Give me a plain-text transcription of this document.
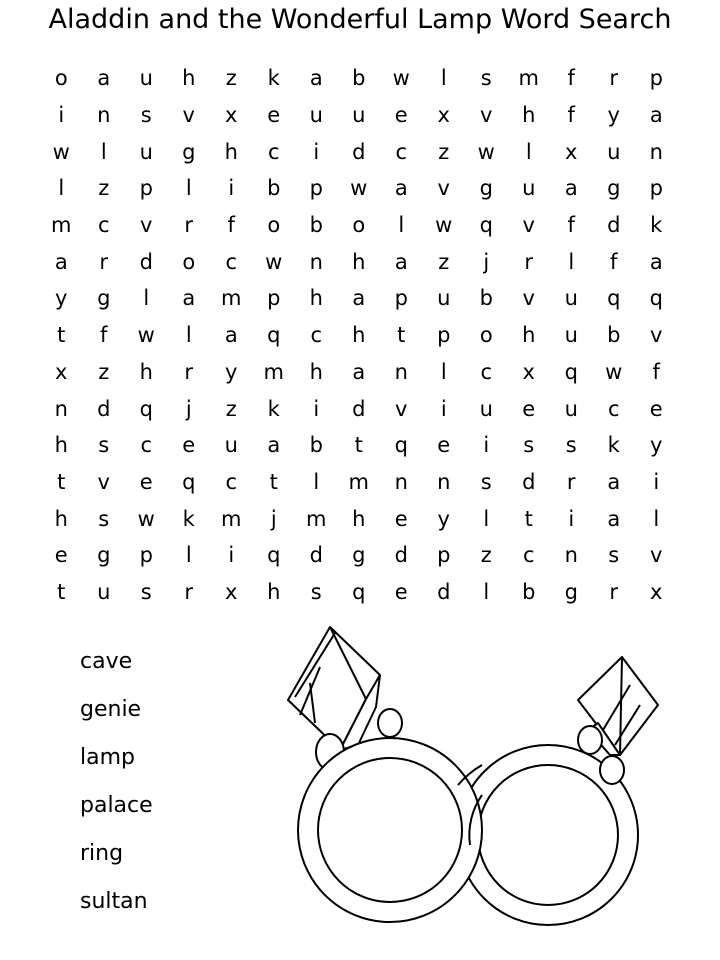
Aladdin and the Wonderful Lamp Word Search
o	a	u	h	z	k	a	b	w	l	s	m	f	r	p
i	n	s	v	x	e	u	u	e	x	v	h	f	y	a
w	l	u	g	h	c	i	d	c	z	w	l	x	u	n
l	z	p	l	i	b	p	w	a	v	g	u	a	g	p
m	c	v	r	f	o	b	o	l	w	q	v	f	d	k
a	r	d	o	c	w	n	h	a	z	j	r	l	f	a
y	g	l	a	m	p	h	a	p	u	b	v	u	q	q
t	f	w	l	a	q	c	h	t	p	o	h	u	b	v
x	z	h	r	y	m	h	a	n	l	c	x	q	w	f
n	d	q	j	z	k	i	d	v	i	u	e	u	c	e
h	s	c	e	u	a	b	t	q	e	i	s	s	k	y
t	v	e	q	c	t	l	m	n	n	s	d	r	a	i
h	s	w	k	m	j	m	h	e	y	l	t	i	a	l
e	g	p	l	i	q	d	g	d	p	z	c	n	s	v
t	u	s	r	x	h	s	q	e	d	l	b	g	r	x
cave
genie
lamp
palace
ring
sultan
